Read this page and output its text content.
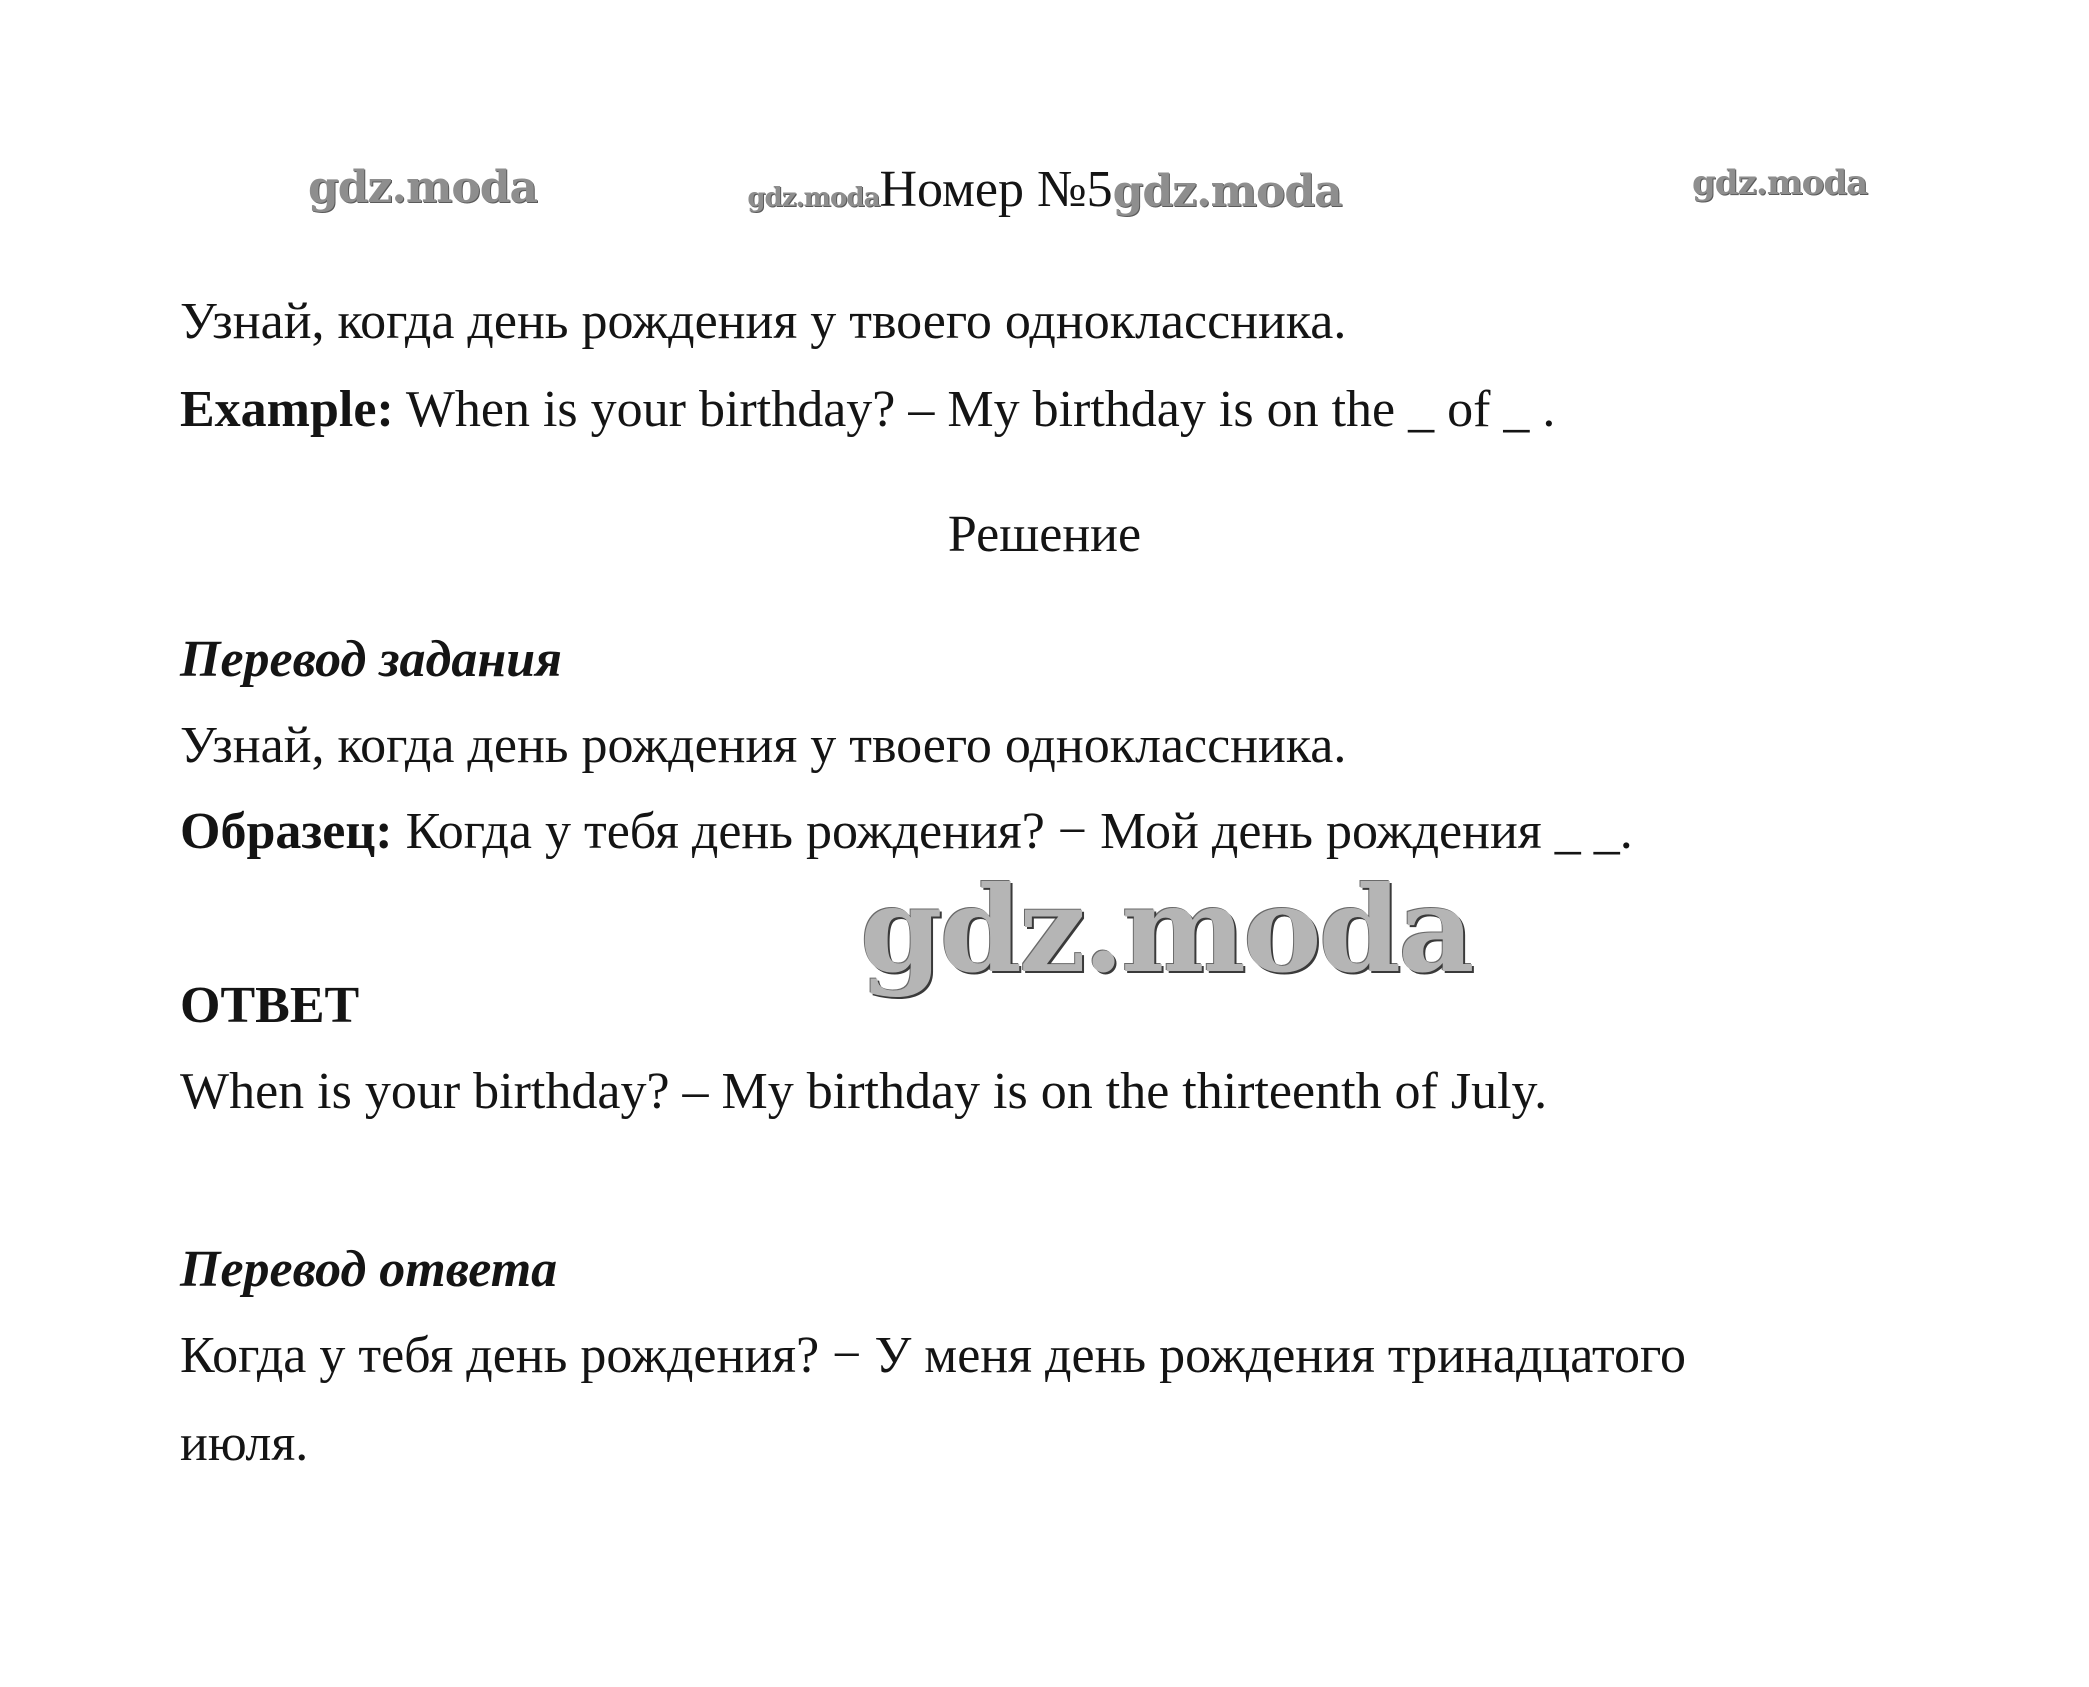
gdz.moda	gdz.moda
gdz.modaНомер №5gdz.moda
Узнай, когда день рождения у твоего одноклассника.
Example: When is your birthday? – My birthday is on the _ of _ .
Решение
Перевод задания
Узнай, когда день рождения у твоего одноклассника.
Образец: Когда у тебя день рождения? − Мой день рождения _ _.
gdz.moda
ОТВЕТ
When is your birthday? – My birthday is on the thirteenth of July.
Перевод ответа
Когда у тебя день рождения? − У меня день рождения тринадцатого
июля.
